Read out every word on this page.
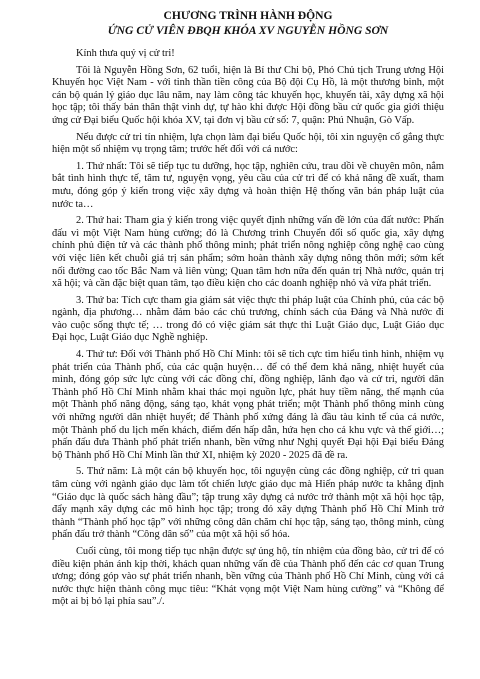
CHƯƠNG TRÌNH HÀNH ĐỘNG
ỨNG CỬ VIÊN ĐBQH KHÓA XV NGUYỄN HỒNG SƠN

Kính thưa quý vị cử tri!

Tôi là Nguyễn Hồng Sơn, 62 tuổi, hiện là Bí thư Chi bộ, Phó Chủ tịch Trung ương Hội Khuyến học Việt Nam - với tinh thần tiền công của Bộ đội Cụ Hồ, là một thương binh, một cán bộ quản lý giáo dục lâu năm, nay làm công tác khuyến học, khuyến tài, xây dựng xã hội học tập; tôi thấy bản thân thật vinh dự, tự hào khi được Hội đồng bầu cử quốc gia giới thiệu ứng cử Đại biểu Quốc hội khóa XV, tại đơn vị bầu cử số: 7, quận: Phú Nhuận, Gò Vấp.

Nếu được cử tri tín nhiệm, lựa chọn làm đại biểu Quốc hội, tôi xin nguyện cố gắng thực hiện một số nhiệm vụ trọng tâm; trước hết đối với cá nước:

1. Thứ nhất: Tôi sẽ tiếp tục tu dưỡng, học tập, nghiên cứu, trau dồi về chuyên môn, nắm bắt tình hình thực tế, tâm tư, nguyện vọng, yêu cầu của cử tri để có khả năng đề xuất, tham mưu, đóng góp ý kiến trong việc xây dựng và hoàn thiện Hệ thống văn bản pháp luật của nước ta…

2. Thứ hai: Tham gia ý kiến trong việc quyết định những vấn đề lớn của đất nước: Phấn đấu vì một Việt Nam hùng cường; đó là Chương trình Chuyển đổi số quốc gia, xây dựng chính phủ điện tử và các thành phố thông minh; phát triển nông nghiệp công nghệ cao cùng với việc liên kết chuỗi giá trị sản phẩm; sớm hoàn thành xây dựng nông thôn mới; sớm kết nối đường cao tốc Bắc Nam và liên vùng; Quan tâm hơn nữa đến quản trị Nhà nước, quản trị xã hội; và cần đặc biệt quan tâm, tạo điều kiện cho các doanh nghiệp nhỏ và vừa phát triển.

3. Thứ ba: Tích cực tham gia giám sát việc thực thi pháp luật của Chính phủ, của các bộ ngành, địa phương… nhằm đảm bảo các chủ trương, chính sách của Đảng và Nhà nước đi vào cuộc sống thực tế; … trong đó có việc giám sát thực thi Luật Giáo dục, Luật Giáo dục Đại học, Luật Giáo dục Nghề nghiệp.

4. Thứ tư: Đối với Thành phố Hồ Chí Minh: tôi sẽ tích cực tìm hiểu tình hình, nhiệm vụ phát triển của Thành phố, của các quận huyện… để có thể đem khả năng, nhiệt huyết của mình, đóng góp sức lực cùng với các đồng chí, đồng nghiệp, lãnh đạo và cử tri, người dân Thành phố Hồ Chí Minh nhằm khai thác mọi nguồn lực, phát huy tiềm năng, thế mạnh của một Thành phố năng động, sáng tạo, khát vọng phát triển; một Thành phố thông minh cùng với những người dân nhiệt huyết; để Thành phố xứng đáng là đầu tàu kinh tế của cả nước, một Thành phố du lịch mến khách, điểm đến hấp dẫn, hứa hẹn cho cả khu vực và thế giới…; phấn đấu đưa Thành phố phát triển nhanh, bền vững như Nghị quyết Đại hội Đại biểu Đảng bộ Thành phố Hồ Chí Minh lần thứ XI, nhiệm kỳ 2020 - 2025 đã đề ra.

5. Thứ năm: Là một cán bộ khuyến học, tôi nguyện cùng các đồng nghiệp, cử tri quan tâm cùng với ngành giáo dục làm tốt chiến lược giáo dục mà Hiến pháp nước ta khẳng định “Giáo dục là quốc sách hàng đầu”; tập trung xây dựng cả nước trở thành một xã hội học tập, đẩy mạnh xây dựng các mô hình học tập; trong đó xây dựng Thành phố Hồ Chí Minh trở thành “Thành phố học tập” với những công dân chăm chỉ học tập, sáng tạo, thông minh, cùng phấn đấu trở thành “Công dân số” của một xã hội số hóa.

Cuối cùng, tôi mong tiếp tục nhận được sự ủng hộ, tín nhiệm của đồng bào, cử tri để có điều kiện phản ánh kịp thời, khách quan những vấn đề của Thành phố đến các cơ quan Trung ương; đóng góp vào sự phát triển nhanh, bền vững của Thành phố Hồ Chí Minh, cùng với cả nước thực hiện thành công mục tiêu: “Khát vọng một Việt Nam hùng cường” và “Không để một ai bị bỏ lại phía sau”./.
